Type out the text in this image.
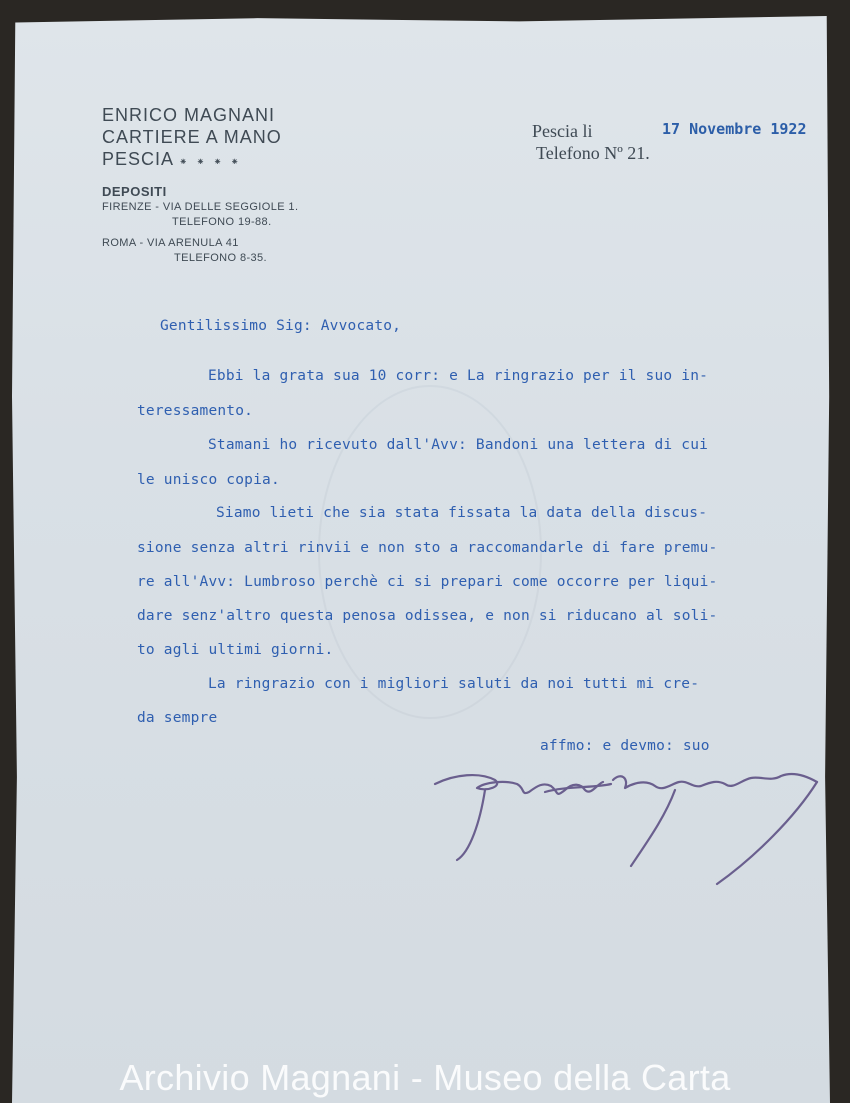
ENRICO MAGNANI
CARTIERE A MANO
PESCIA ⁕ ⁕ ⁕ ⁕
DEPOSITI
FIRENZE - VIA DELLE SEGGIOLE 1.
TELEFONO 19-88.
ROMA - VIA ARENULA 41
TELEFONO 8-35.
Pescia li
Telefono Nº 21.
17 Novembre 1922
Gentilissimo Sig: Avvocato,
Ebbi la grata sua 10 corr: e La ringrazio per il suo in-
teressamento.
Stamani ho ricevuto dall'Avv: Bandoni una lettera di cui
le unisco copia.
Siamo lieti che sia stata fissata la data della discus-
sione senza altri rinvii e non sto a raccomandarle di fare premu-
re all'Avv: Lumbroso perchè ci si prepari come occorre per liqui-
dare senz'altro questa penosa odissea, e non si riducano al soli-
to agli ultimi giorni.
La ringrazio con i migliori saluti da noi tutti mi cre-
da sempre
affmo: e devmo: suo
Archivio Magnani - Museo della Carta
